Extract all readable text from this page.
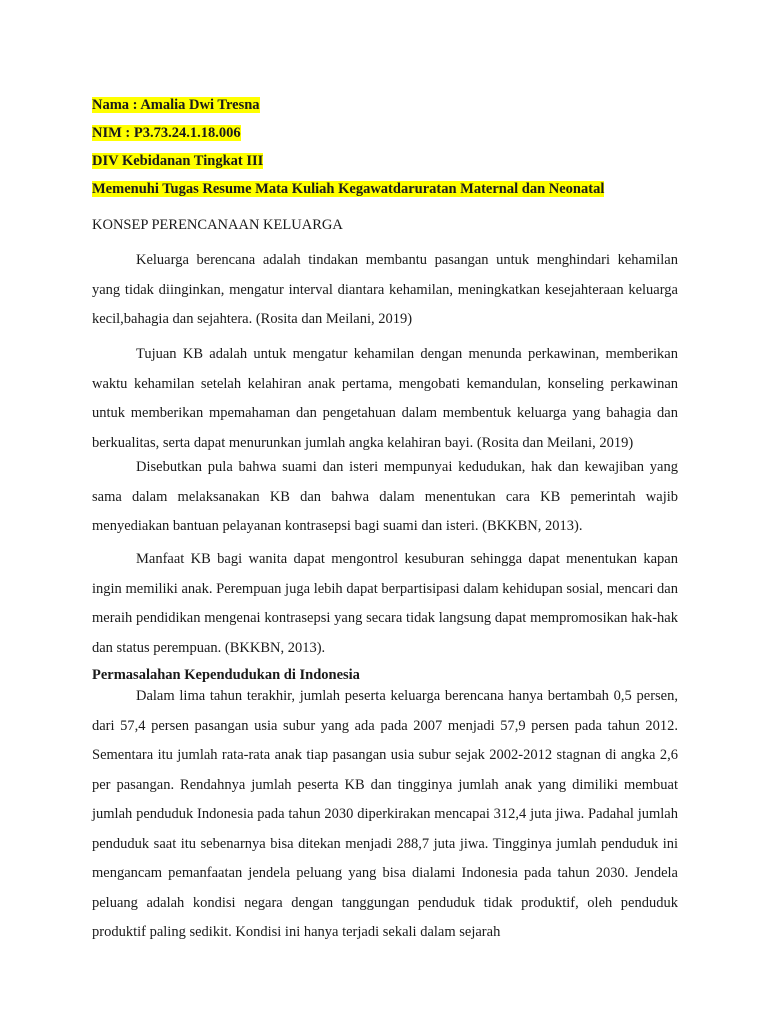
Nama : Amalia Dwi Tresna
NIM : P3.73.24.1.18.006
DIV Kebidanan Tingkat III
Memenuhi Tugas Resume Mata Kuliah Kegawatdaruratan Maternal dan Neonatal
KONSEP PERENCANAAN KELUARGA

Keluarga berencana adalah tindakan membantu pasangan untuk menghindari kehamilan yang tidak diinginkan, mengatur interval diantara kehamilan, meningkatkan kesejahteraan keluarga kecil,bahagia dan sejahtera. (Rosita dan Meilani, 2019)

Tujuan KB adalah untuk mengatur kehamilan dengan menunda perkawinan, memberikan waktu kehamilan setelah kelahiran anak pertama, mengobati kemandulan, konseling perkawinan untuk memberikan mpemahaman dan pengetahuan dalam membentuk keluarga yang bahagia dan berkualitas, serta dapat menurunkan jumlah angka kelahiran bayi. (Rosita dan Meilani, 2019)

Disebutkan pula bahwa suami dan isteri mempunyai kedudukan, hak dan kewajiban yang sama dalam melaksanakan KB dan bahwa dalam menentukan cara KB pemerintah wajib menyediakan bantuan pelayanan kontrasepsi bagi suami dan isteri. (BKKBN, 2013).

Manfaat KB bagi wanita dapat mengontrol kesuburan sehingga dapat menentukan kapan ingin memiliki anak. Perempuan juga lebih dapat berpartisipasi dalam kehidupan sosial, mencari dan meraih pendidikan mengenai kontrasepsi yang secara tidak langsung dapat mempromosikan hak-hak dan status perempuan. (BKKBN, 2013).

Permasalahan Kependudukan di Indonesia

Dalam lima tahun terakhir, jumlah peserta keluarga berencana hanya bertambah 0,5 persen, dari 57,4 persen pasangan usia subur yang ada pada 2007 menjadi 57,9 persen pada tahun 2012. Sementara itu jumlah rata-rata anak tiap pasangan usia subur sejak 2002-2012 stagnan di angka 2,6 per pasangan. Rendahnya jumlah peserta KB dan tingginya jumlah anak yang dimiliki membuat jumlah penduduk Indonesia pada tahun 2030 diperkirakan mencapai 312,4 juta jiwa. Padahal jumlah penduduk saat itu sebenarnya bisa ditekan menjadi 288,7 juta jiwa. Tingginya jumlah penduduk ini mengancam pemanfaatan jendela peluang yang bisa dialami Indonesia pada tahun 2030. Jendela peluang adalah kondisi negara dengan tanggungan penduduk tidak produktif, oleh penduduk produktif paling sedikit. Kondisi ini hanya terjadi sekali dalam sejarah
